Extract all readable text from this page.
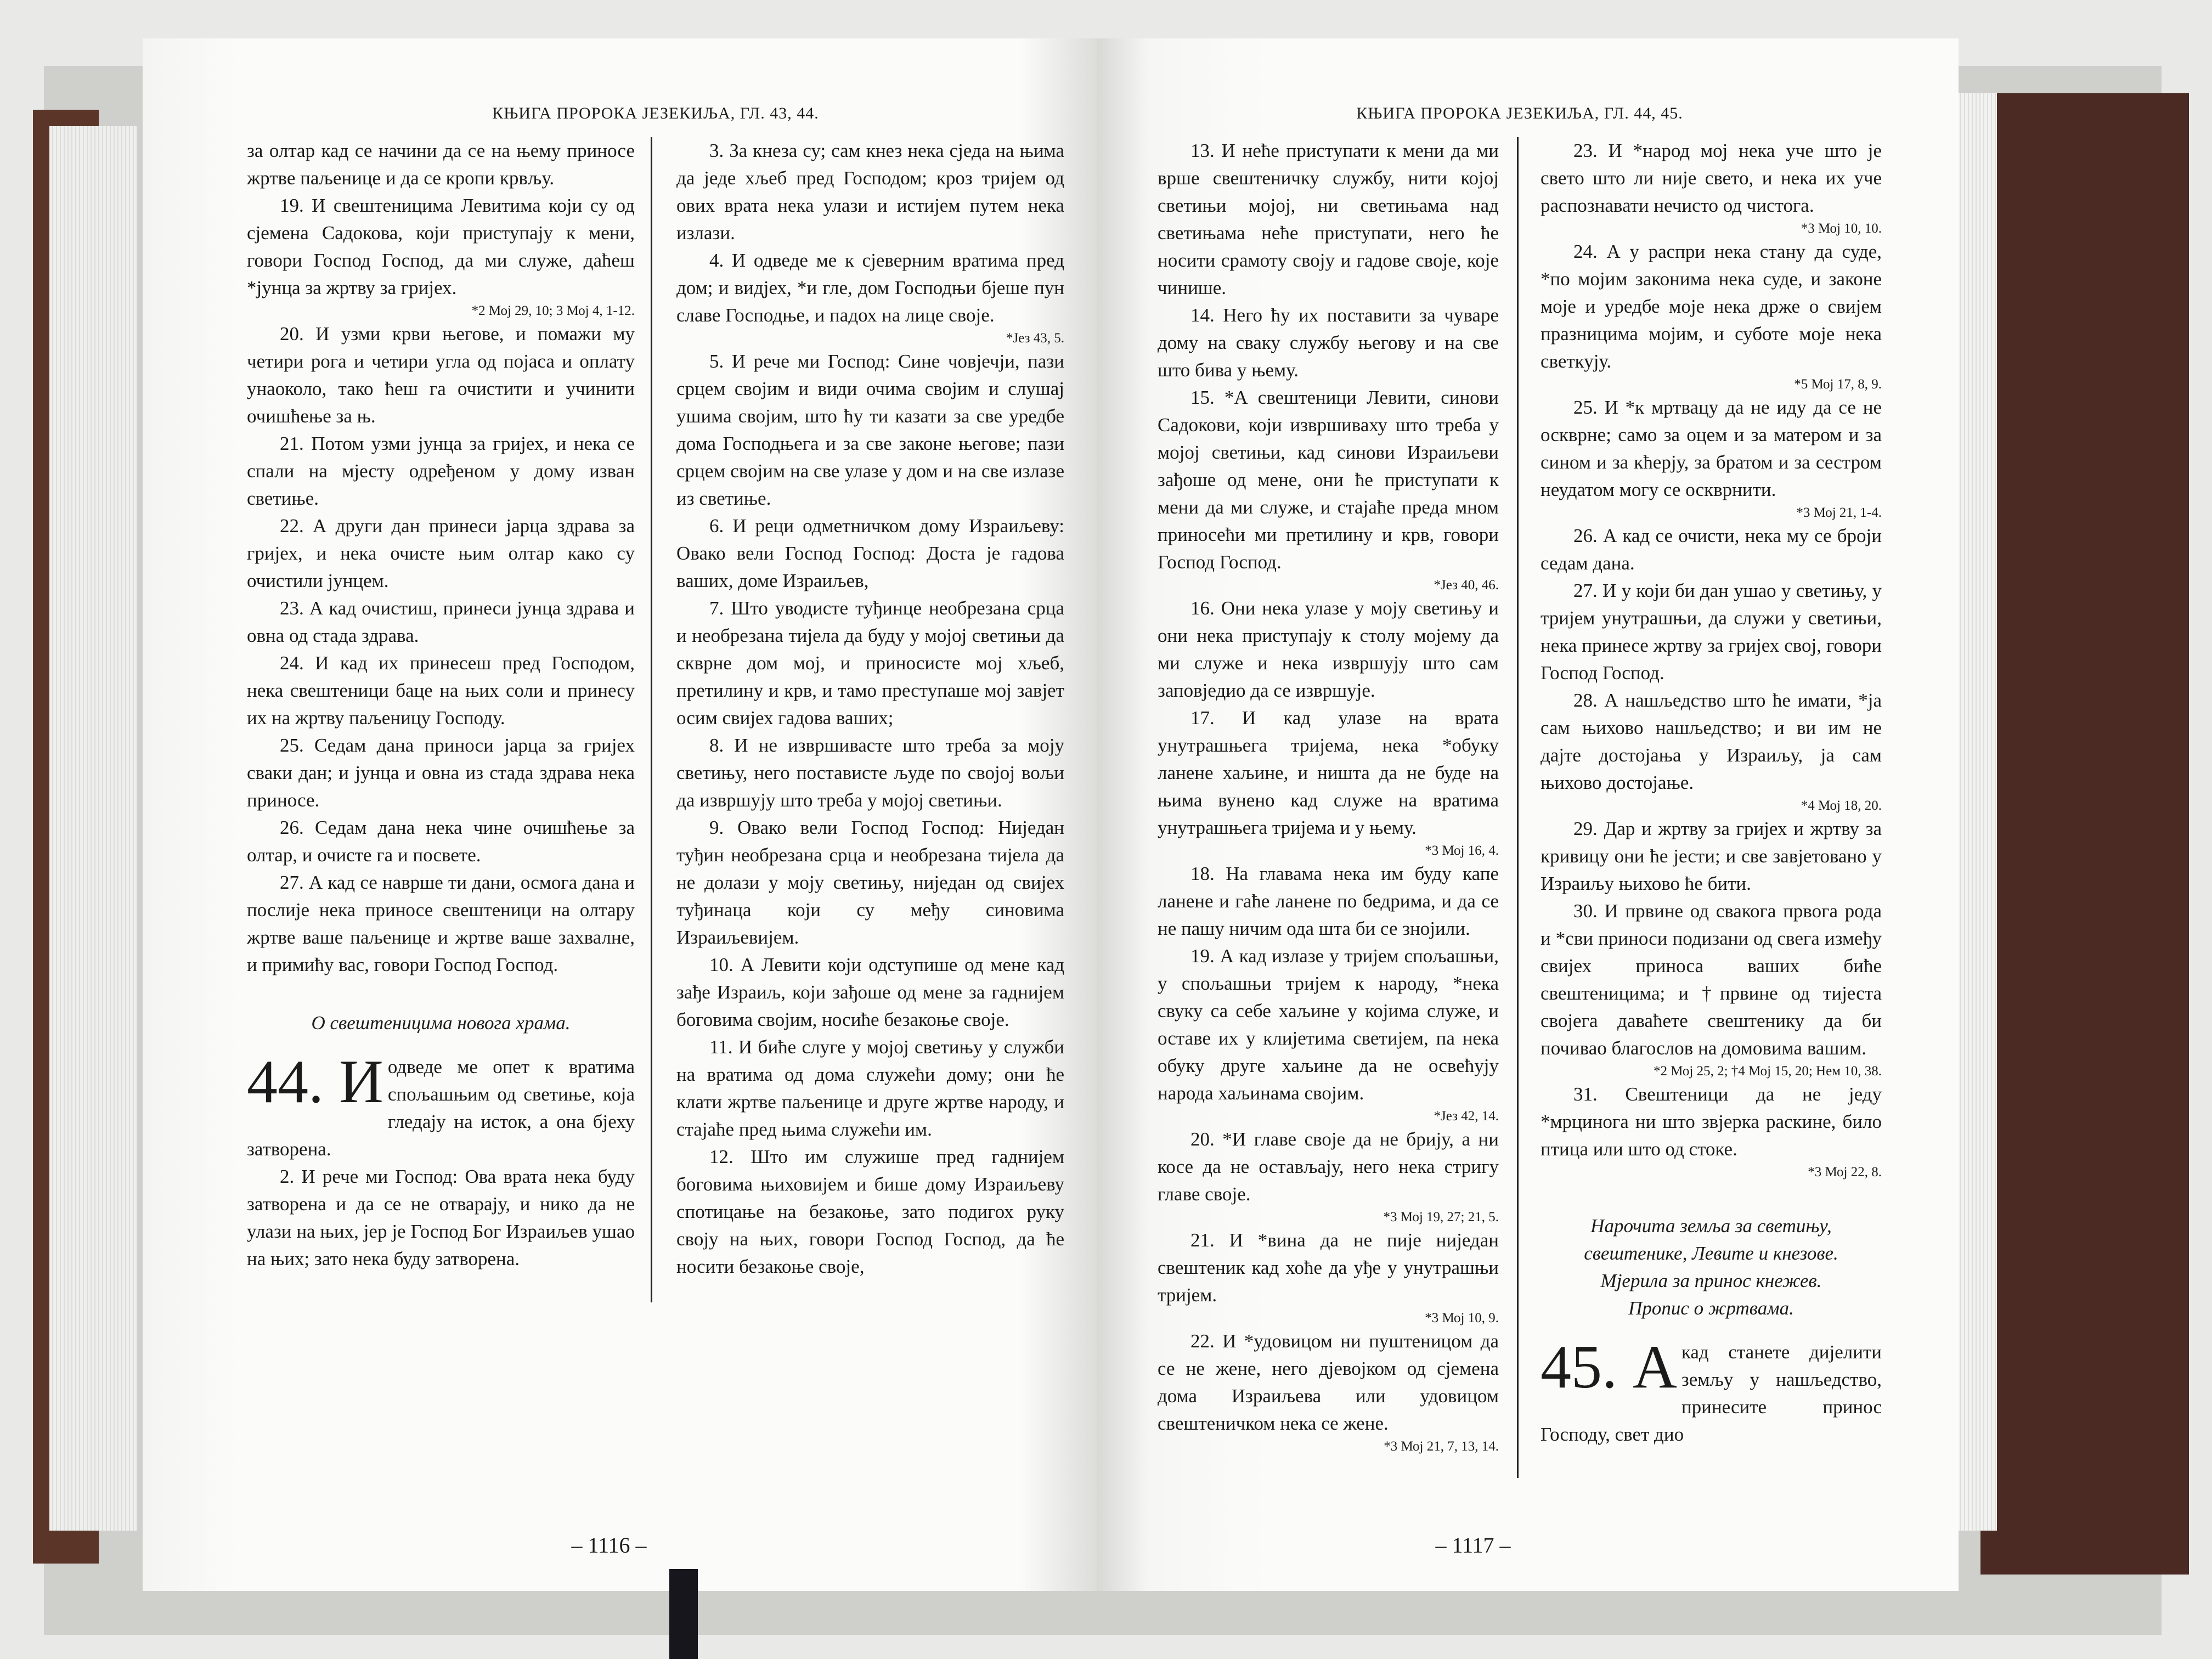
КЊИГА ПРОРОКА ЈЕЗЕКИЉА, ГЛ. 43, 44.

за олтар кад се начини да се на њему приносе жртве паљенице и да се кропи крвљу.

19. И свештеницима Левитима који су од сјемена Садокова, који приступају к мени, говори Господ Господ, да ми служе, даћеш *јунца за жртву за гријех.
*2 Мој 29, 10; 3 Мој 4, 1-12.

20. И узми крви његове, и помажи му четири рога и четири угла од појаса и оплату унаоколо, тако ћеш га очистити и учинити очишћење за њ.

21. Потом узми јунца за гријех, и нека се спали на мјесту одређеном у дому изван светиње.

22. А други дан принеси јарца здрава за гријех, и нека очисте њим олтар како су очистили јунцем.

23. А кад очистиш, принеси јунца здрава и овна од стада здрава.

24. И кад их принесеш пред Господом, нека свештеници баце на њих соли и принесу их на жртву паљеницу Господу.

25. Седам дана приноси јарца за гријех сваки дан; и јунца и овна из стада здрава нека приносе.

26. Седам дана нека чине очишћење за олтар, и очисте га и посвете.

27. А кад се наврше ти дани, осмога дана и послије нека приносе свештеници на олтару жртве ваше паљенице и жртве ваше захвалне, и примићу вас, говори Господ Господ.

О свештеницима новога храма.

44. И одведе ме опет к вратима спољашњим од светиње, која гледају на исток, а она бјеху затворена.

2. И рече ми Господ: Ова врата нека буду затворена и да се не отварају, и нико да не улази на њих, јер је Господ Бог Израиљев ушао на њих; зато нека буду затворена.

3. За кнеза су; сам кнез нека сједа на њима да једе хљеб пред Господом; кроз тријем од ових врата нека улази и истијем путем нека излази.

4. И одведе ме к сјеверним вратима пред дом; и видјех, *и гле, дом Господњи бјеше пун славе Господње, и падох на лице своје.
*Јез 43, 5.

5. И рече ми Господ: Сине човјечји, пази срцем својим и види очима својим и слушај ушима својим, што ћу ти казати за све уредбе дома Господњега и за све законе његове; пази срцем својим на све улазе у дом и на све излазе из светиње.

6. И реци одметничком дому Израиљеву: Овако вели Господ Господ: Доста је гадова ваших, доме Израиљев,

7. Што уводисте туђинце необрезана срца и необрезана тијела да буду у мојој светињи да скврне дом мој, и приносисте мој хљеб, претилину и крв, и тамо преступаше мој завјет осим свијех гадова ваших;

8. И не извршивасте што треба за моју светињу, него постависте људе по својој вољи да извршују што треба у мојој светињи.

9. Овако вели Господ Господ: Ниједан туђин необрезана срца и необрезана тијела да не долази у моју светињу, ниједан од свијех туђинаца који су међу синовима Израиљевијем.

10. А Левити који одступише од мене кад зађе Израиљ, који зађоше од мене за гаднијем боговима својим, носиће безакоње своје.

11. И биће слуге у мојој светињу у служби на вратима од дома служећи дому; они ће клати жртве паљенице и друге жртве народу, и стајаће пред њима служећи им.

12. Што им служише пред гаднијем боговима њиховијем и бише дому Израиљеву спотицање на безакоње, зато подигох руку своју на њих, говори Господ Господ, да ће носити безакоње своје,

– 1116 –
КЊИГА ПРОРОКА ЈЕЗЕКИЉА, ГЛ. 44, 45.

13. И неће приступати к мени да ми врше свештеничку службу, нити којој светињи мојој, ни светињама над светињама неће приступати, него ће носити срамоту своју и гадове своје, које чинише.

14. Него ћу их поставити за чуваре дому на сваку службу његову и на све што бива у њему.

15. *А свештеници Левити, синови Садокови, који извршиваху што треба у мојој светињи, кад синови Израиљеви зађоше од мене, они ће приступати к мени да ми служе, и стајаће преда мном приносећи ми претилину и крв, говори Господ Господ.
*Јез 40, 46.

16. Они нека улазе у моју светињу и они нека приступају к столу мојему да ми служе и нека извршују што сам заповједио да се извршује.

17. И кад улазе на врата унутрашњега тријема, нека *обуку ланене хаљине, и ништа да не буде на њима вунено кад служе на вратима унутрашњега тријема и у њему.
*3 Мој 16, 4.

18. На главама нека им буду капе ланене и гаће ланене по бедрима, и да се не пашу ничим ода шта би се знојили.

19. А кад излазе у тријем спољашњи, у спољашњи тријем к народу, *нека свуку са себе хаљине у којима служе, и оставе их у клијетима светијем, па нека обуку друге хаљине да не освећују народа хаљинама својим.
*Јез 42, 14.

20. *И главе своје да не брију, а ни косе да не остављају, него нека стригу главе своје.
*3 Мој 19, 27; 21, 5.

21. И *вина да не пије ниједан свештеник кад хоће да уђе у унутрашњи тријем.
*3 Мој 10, 9.

22. И *удовицом ни пуштеницом да се не жене, него дјевојком од сјемена дома Израиљева или удовицом свештеничком нека се жене.
*3 Мој 21, 7, 13, 14.

23. И *народ мој нека уче што је свето што ли није свето, и нека их уче распознавати нечисто од чистога.
*3 Мој 10, 10.

24. А у распри нека стану да суде, *по мојим законима нека суде, и законе моје и уредбе моје нека држе о свијем празницима мојим, и суботе моје нека светкују.
*5 Мој 17, 8, 9.

25. И *к мртвацу да не иду да се не оскврне; само за оцем и за матером и за сином и за кћерју, за братом и за сестром неудатом могу се оскврнити.
*3 Мој 21, 1-4.

26. А кад се очисти, нека му се броји седам дана.

27. И у који би дан ушао у светињу, у тријем унутрашњи, да служи у светињи, нека принесе жртву за гријех свој, говори Господ Господ.

28. А нашљедство што ће имати, *ја сам њихово нашљедство; и ви им не дајте достојања у Израиљу, ја сам њихово достојање.
*4 Мој 18, 20.

29. Дар и жртву за гријех и жртву за кривицу они ће јести; и све завјетовано у Израиљу њихово ће бити.

30. И првине од свакога првога рода и *сви приноси подизани од свега између свијех приноса ваших биће свештеницима; и †првине од тијеста својега даваћете свештенику да би почивао благослов на домовима вашим.
*2 Мој 25, 2; †4 Мој 15, 20; Нем 10, 38.

31. Свештеници да не једу *мрцинога ни што звјерка раскине, било птица или што од стоке.
*3 Мој 22, 8.

Нарочита земља за светињу,

свештенике, Левите и кнезове.

Мјерила за принос кнежев.

Пропис о жртвама.

45. А кад станете дијелити земљу у нашљедство, принесите принос Господу, свет дио
– 1117 –
